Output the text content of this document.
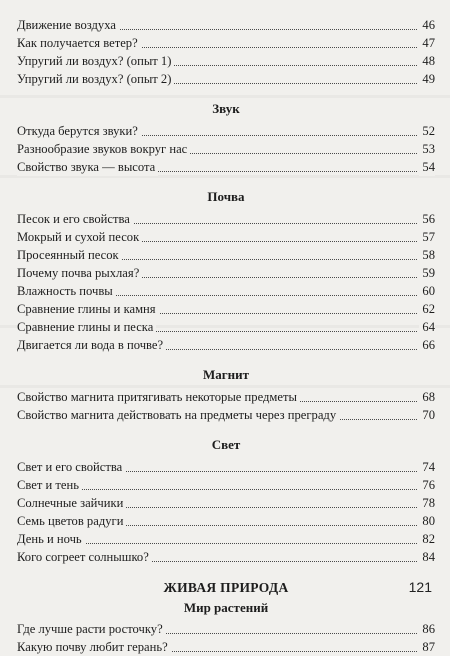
Движение воздуха	46
Как получается ветер?	47
Упругий ли воздух? (опыт 1)	48
Упругий ли воздух? (опыт 2)	49
Звук
Откуда берутся звуки?	52
Разнообразие звуков вокруг нас	53
Свойство звука — высота	54
Почва
Песок и его свойства	56
Мокрый и сухой песок	57
Просеянный песок	58
Почему почва рыхлая?	59
Влажность почвы	60
Сравнение глины и камня	62
Сравнение глины и песка	64
Двигается ли вода в почве?	66
Магнит
Свойство магнита притягивать некоторые предметы	68
Свойство магнита действовать на предметы через преграду	70
Свет
Свет и его свойства	74
Свет и тень	76
Солнечные зайчики	78
Семь цветов радуги	80
День и ночь	82
Кого согреет солнышко?	84
ЖИВАЯ ПРИРОДА
Мир растений
Где лучше расти росточку?	86
Какую почву любит герань?	87
121
